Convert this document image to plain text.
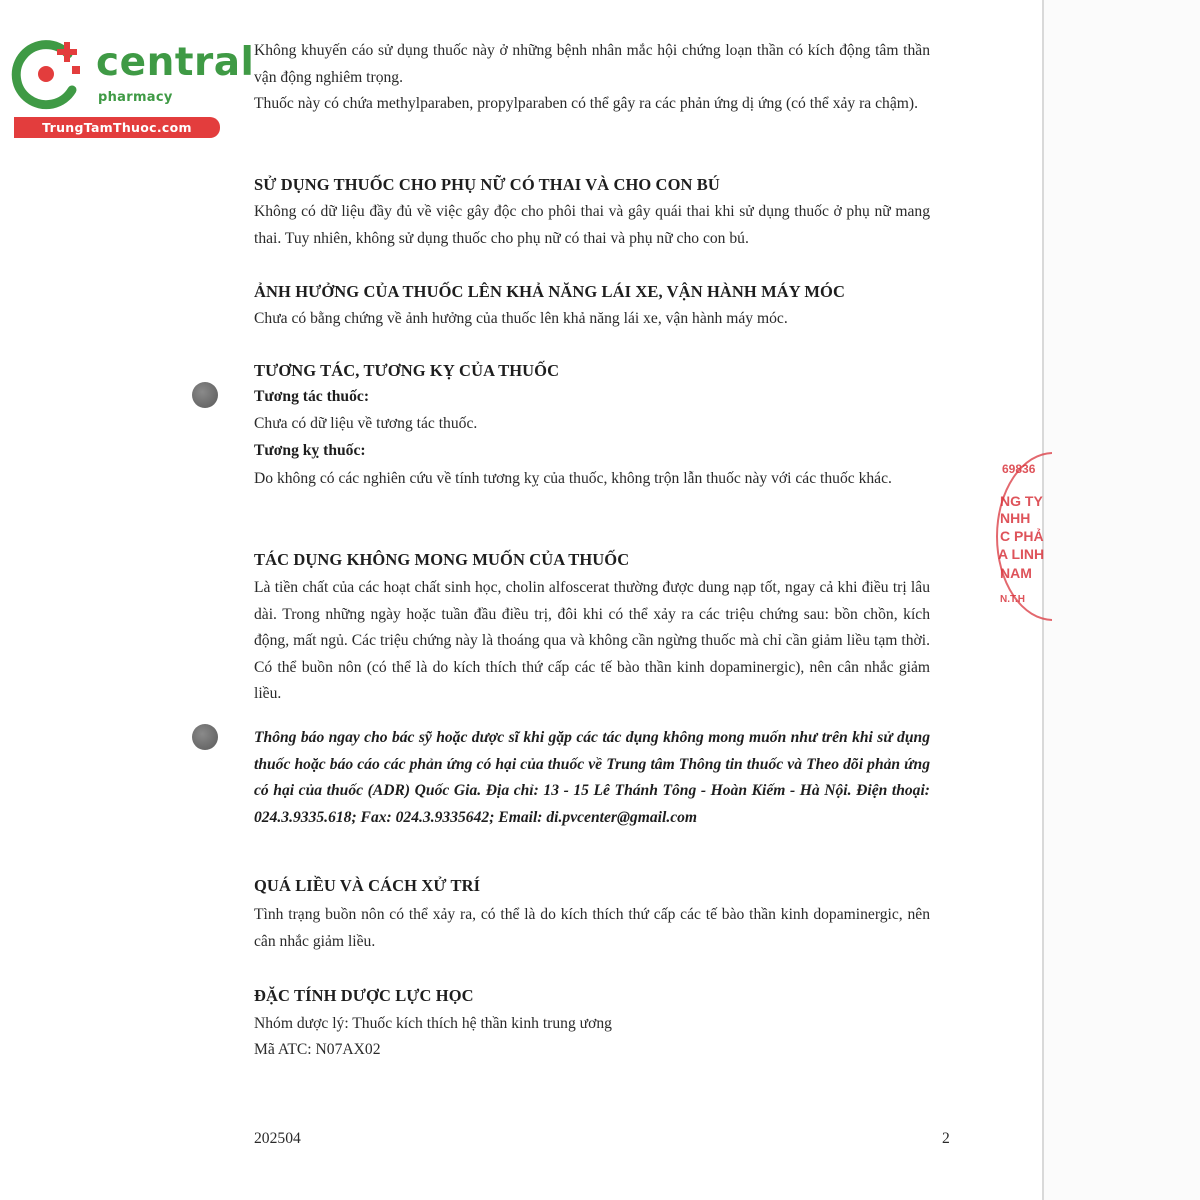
central
pharmacy
TrungTamThuoc.com
69836
NG TY
NHH
C PHẢ
A LINH
NAM
N.T.H
Không khuyến cáo sử dụng thuốc này ở những bệnh nhân mắc hội chứng loạn thần có kích động tâm thần vận động nghiêm trọng.
Thuốc này có chứa methylparaben, propylparaben có thể gây ra các phản ứng dị ứng (có thể xảy ra chậm).
SỬ DỤNG THUỐC CHO PHỤ NỮ CÓ THAI VÀ CHO CON BÚ
Không có dữ liệu đầy đủ về việc gây độc cho phôi thai và gây quái thai khi sử dụng thuốc ở phụ nữ mang thai. Tuy nhiên, không sử dụng thuốc cho phụ nữ có thai và phụ nữ cho con bú.
ẢNH HƯỞNG CỦA THUỐC LÊN KHẢ NĂNG LÁI XE, VẬN HÀNH MÁY MÓC
Chưa có bằng chứng về ảnh hưởng của thuốc lên khả năng lái xe, vận hành máy móc.
TƯƠNG TÁC, TƯƠNG KỴ CỦA THUỐC
Tương tác thuốc:
Chưa có dữ liệu về tương tác thuốc.
Tương kỵ thuốc:
Do không có các nghiên cứu về tính tương kỵ của thuốc, không trộn lẫn thuốc này với các thuốc khác.
TÁC DỤNG KHÔNG MONG MUỐN CỦA THUỐC
Là tiền chất của các hoạt chất sinh học, cholin alfoscerat thường được dung nạp tốt, ngay cả khi điều trị lâu dài. Trong những ngày hoặc tuần đầu điều trị, đôi khi có thể xảy ra các triệu chứng sau: bồn chồn, kích động, mất ngủ. Các triệu chứng này là thoáng qua và không cần ngừng thuốc mà chỉ cần giảm liều tạm thời. Có thể buồn nôn (có thể là do kích thích thứ cấp các tế bào thần kinh dopaminergic), nên cân nhắc giảm liều.
Thông báo ngay cho bác sỹ hoặc dược sĩ khi gặp các tác dụng không mong muốn như trên khi sử dụng thuốc hoặc báo cáo các phản ứng có hại của thuốc về Trung tâm Thông tin thuốc và Theo dõi phản ứng có hại của thuốc (ADR) Quốc Gia. Địa chỉ: 13 - 15 Lê Thánh Tông - Hoàn Kiếm - Hà Nội. Điện thoại: 024.3.9335.618; Fax: 024.3.9335642; Email: di.pvcenter@gmail.com
QUÁ LIỀU VÀ CÁCH XỬ TRÍ
Tình trạng buồn nôn có thể xảy ra, có thể là do kích thích thứ cấp các tế bào thần kinh dopaminergic, nên cân nhắc giảm liều.
ĐẶC TÍNH DƯỢC LỰC HỌC
Nhóm dược lý: Thuốc kích thích hệ thần kinh trung ương
Mã ATC: N07AX02
202504	2
